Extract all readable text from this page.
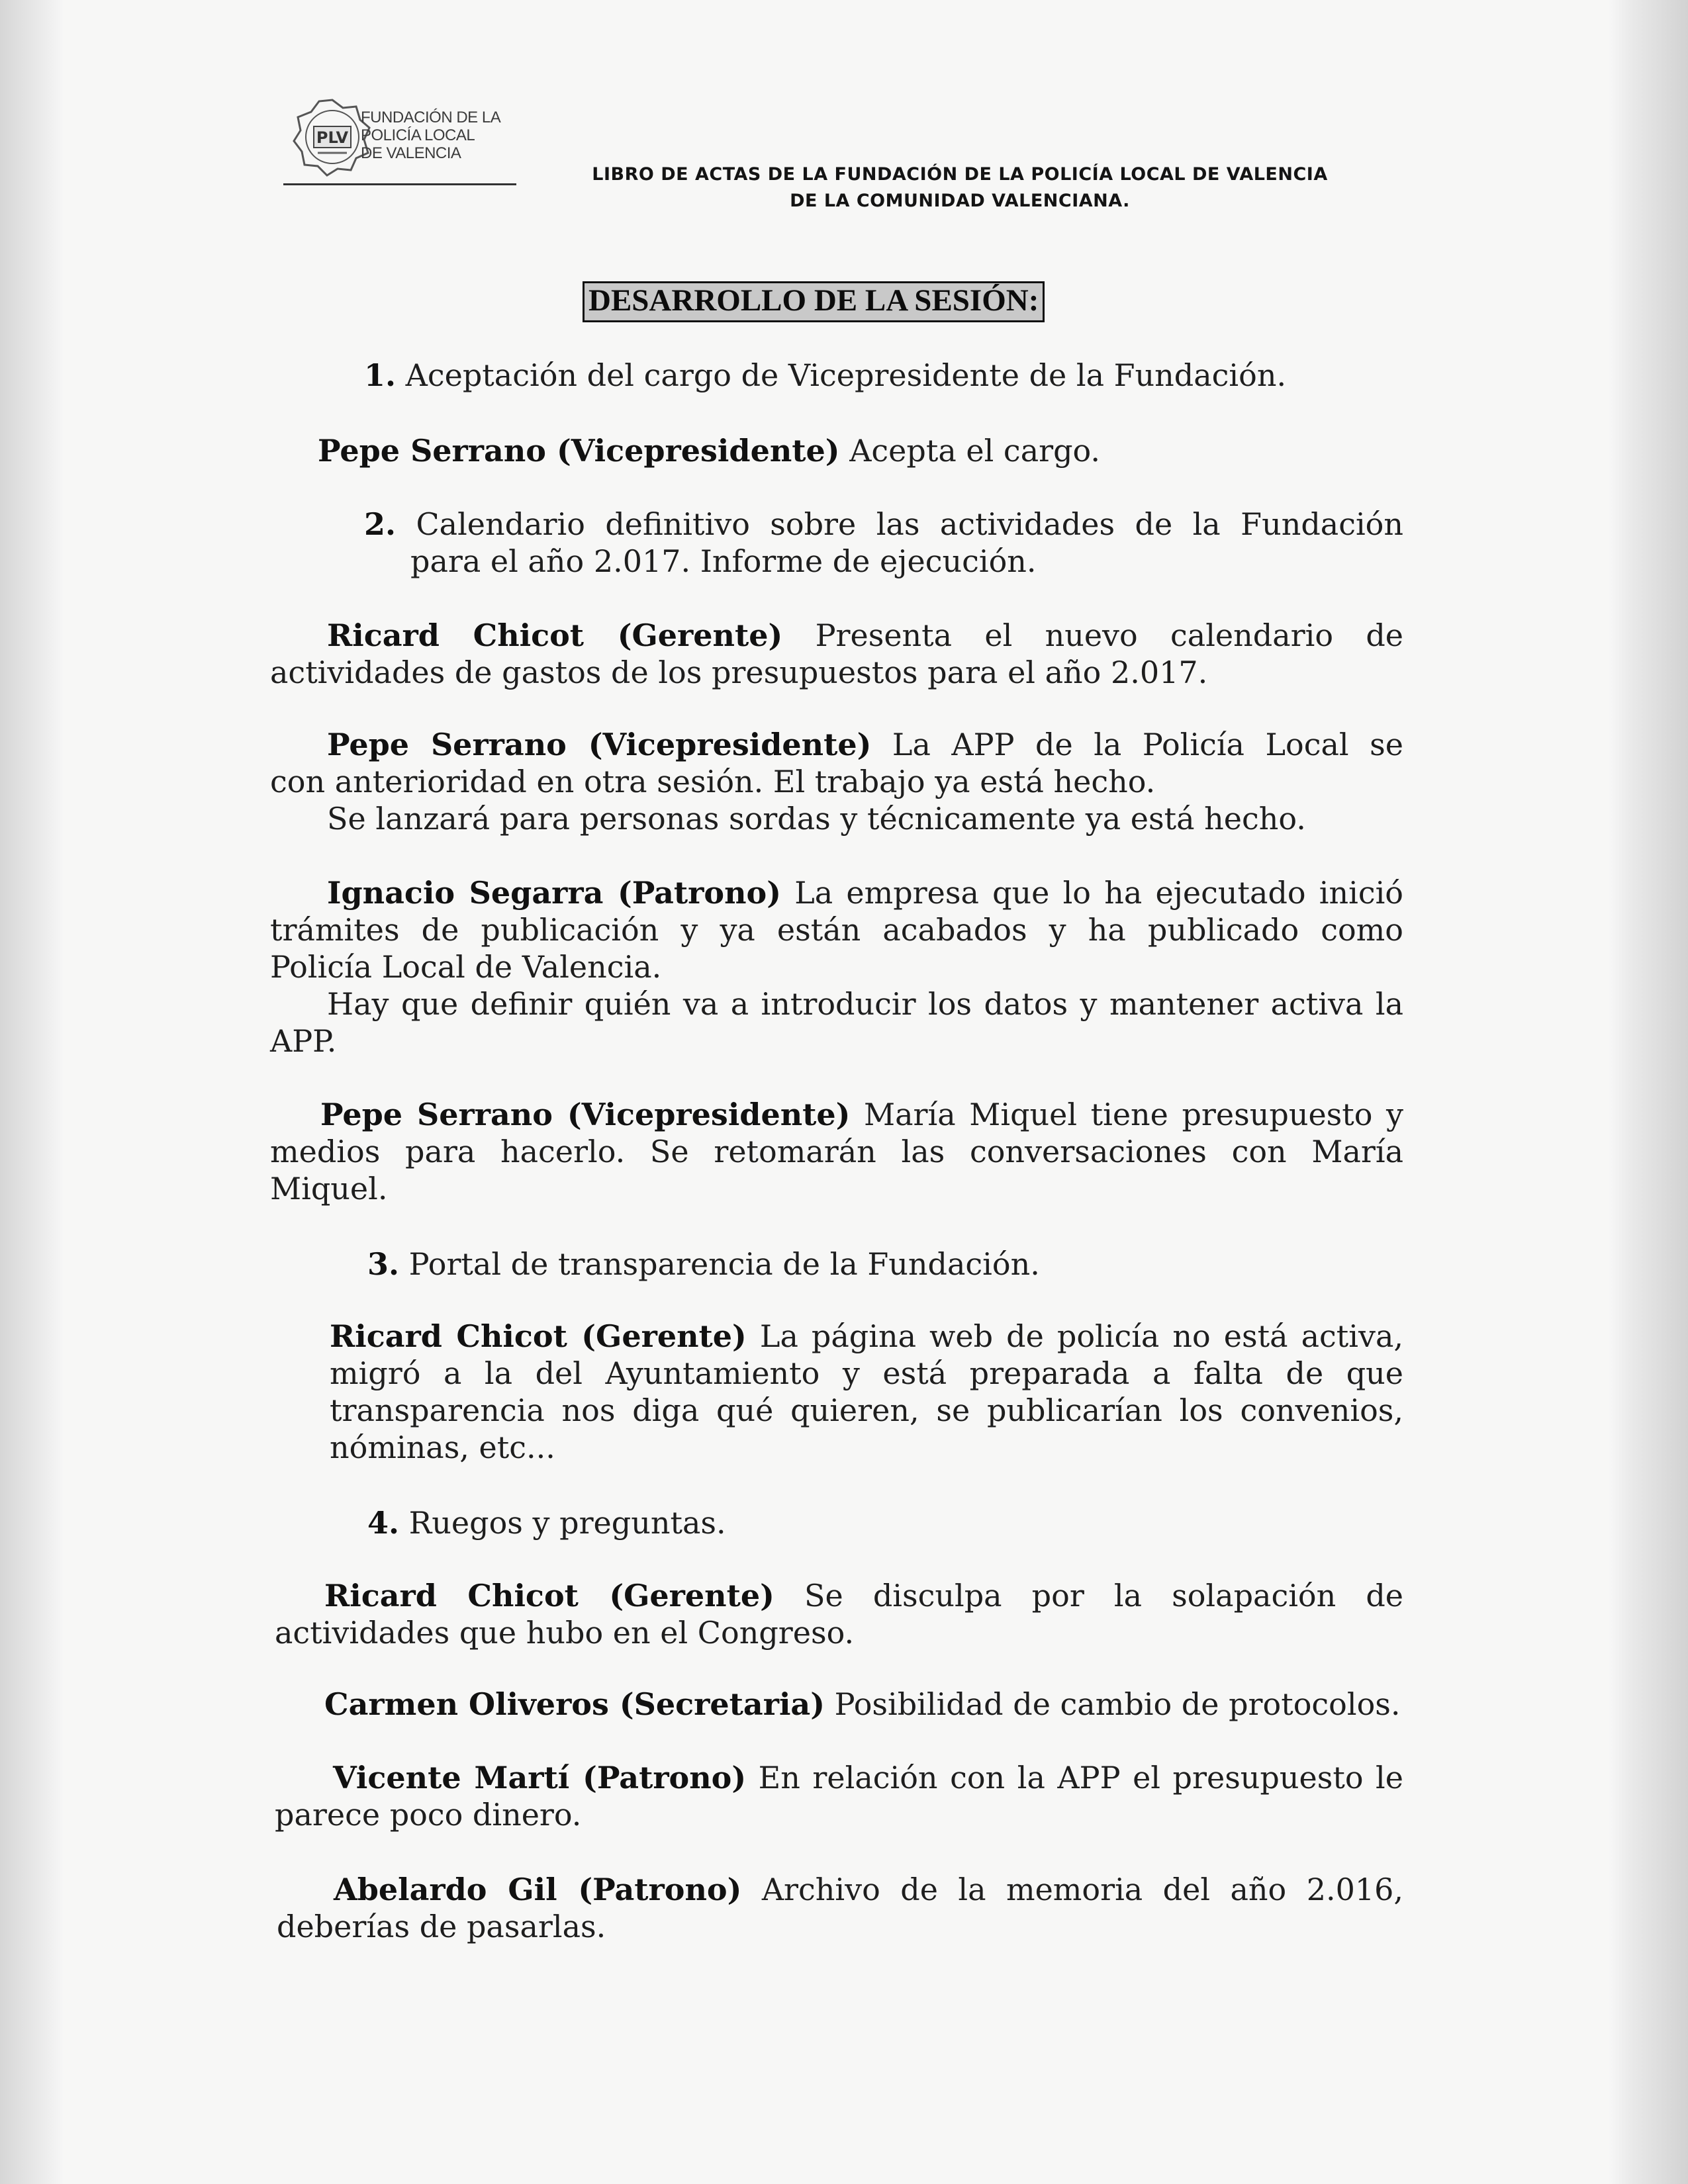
PLV
FUNDACIÓN DE LA
POLICÍA LOCAL
DE VALENCIA
LIBRO DE ACTAS DE LA FUNDACIÓN DE LA POLICÍA LOCAL DE VALENCIA
DE LA COMUNIDAD VALENCIANA.
DESARROLLO DE LA SESIÓN:
1. Aceptación del cargo de Vicepresidente de la Fundación.
Pepe Serrano (Vicepresidente) Acepta el cargo.
2. Calendario definitivo sobre las actividades de la Fundación
para el año 2.017. Informe de ejecución.
Ricard Chicot (Gerente) Presenta el nuevo calendario de
actividades de gastos de los presupuestos para el año 2.017.
Pepe Serrano (Vicepresidente) La APP de la Policía Local se
con anterioridad en otra sesión. El trabajo ya está hecho.
Se lanzará para personas sordas y técnicamente ya está hecho.
Ignacio Segarra (Patrono) La empresa que lo ha ejecutado inició
trámites de publicación y ya están acabados y ha publicado como
Policía Local de Valencia.
Hay que definir quién va a introducir los datos y mantener activa la
APP.
Pepe Serrano (Vicepresidente) María Miquel tiene presupuesto y
medios para hacerlo. Se retomarán las conversaciones con María
Miquel.
3. Portal de transparencia de la Fundación.
Ricard Chicot (Gerente) La página web de policía no está activa,
migró a la del Ayuntamiento y está preparada a falta de que
transparencia nos diga qué quieren, se publicarían los convenios,
nóminas, etc...
4. Ruegos y preguntas.
Ricard Chicot (Gerente) Se disculpa por la solapación de
actividades que hubo en el Congreso.
Carmen Oliveros (Secretaria) Posibilidad de cambio de protocolos.
Vicente Martí (Patrono) En relación con la APP el presupuesto le
parece poco dinero.
Abelardo Gil (Patrono) Archivo de la memoria del año 2.016,
deberías de pasarlas.
